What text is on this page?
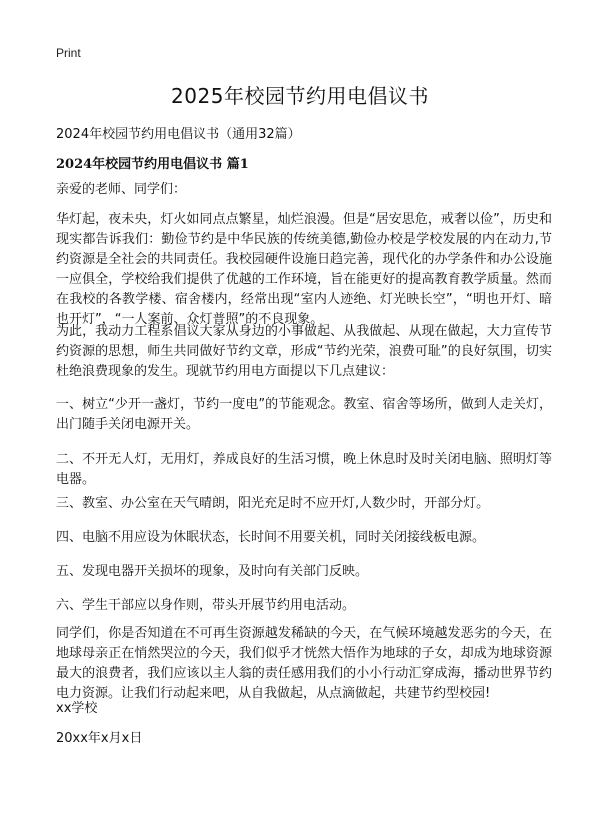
Print
2025年校园节约用电倡议书
2024年校园节约用电倡议书（通用32篇）
2024年校园节约用电倡议书 篇1

亲爱的老师、同学们：

华灯起，夜未央，灯火如同点点繁星，灿烂浪漫。但是“居安思危，戒奢以俭”，历史和现实都告诉我们：勤俭节约是中华民族的传统美德,勤俭办校是学校发展的内在动力,节约资源是全社会的共同责任。我校园硬件设施日趋完善，现代化的办学条件和办公设施一应俱全，学校给我们提供了优越的工作环境，旨在能更好的提高教育教学质量。然而在我校的各教学楼、宿舍楼内，经常出现“室内人迹绝、灯光映长空”，“明也开灯、暗也开灯”，“一人案前、众灯普照”的不良现象。

为此，我动力工程系倡议大家从身边的小事做起、从我做起、从现在做起，大力宣传节约资源的思想，师生共同做好节约文章，形成“节约光荣，浪费可耻”的良好氛围，切实杜绝浪费现象的发生。现就节约用电方面提以下几点建议：

一、树立“少开一盏灯，节约一度电”的节能观念。教室、宿舍等场所，做到人走关灯，出门随手关闭电源开关。

二、不开无人灯，无用灯，养成良好的生活习惯，晚上休息时及时关闭电脑、照明灯等电器。

三、教室、办公室在天气晴朗，阳光充足时不应开灯,人数少时，开部分灯。

四、电脑不用应设为休眠状态，长时间不用要关机，同时关闭接线板电源。

五、发现电器开关损坏的现象，及时向有关部门反映。

六、学生干部应以身作则，带头开展节约用电活动。

同学们，你是否知道在不可再生资源越发稀缺的今天，在气候环境越发恶劣的今天，在地球母亲正在悄然哭泣的今天，我们似乎才恍然大悟作为地球的子女，却成为地球资源最大的浪费者，我们应该以主人翁的责任感用我们的小小行动汇穿成海，播动世界节约电力资源。让我们行动起来吧，从自我做起，从点滴做起，共建节约型校园!

xx学校
20xx年x月x日
